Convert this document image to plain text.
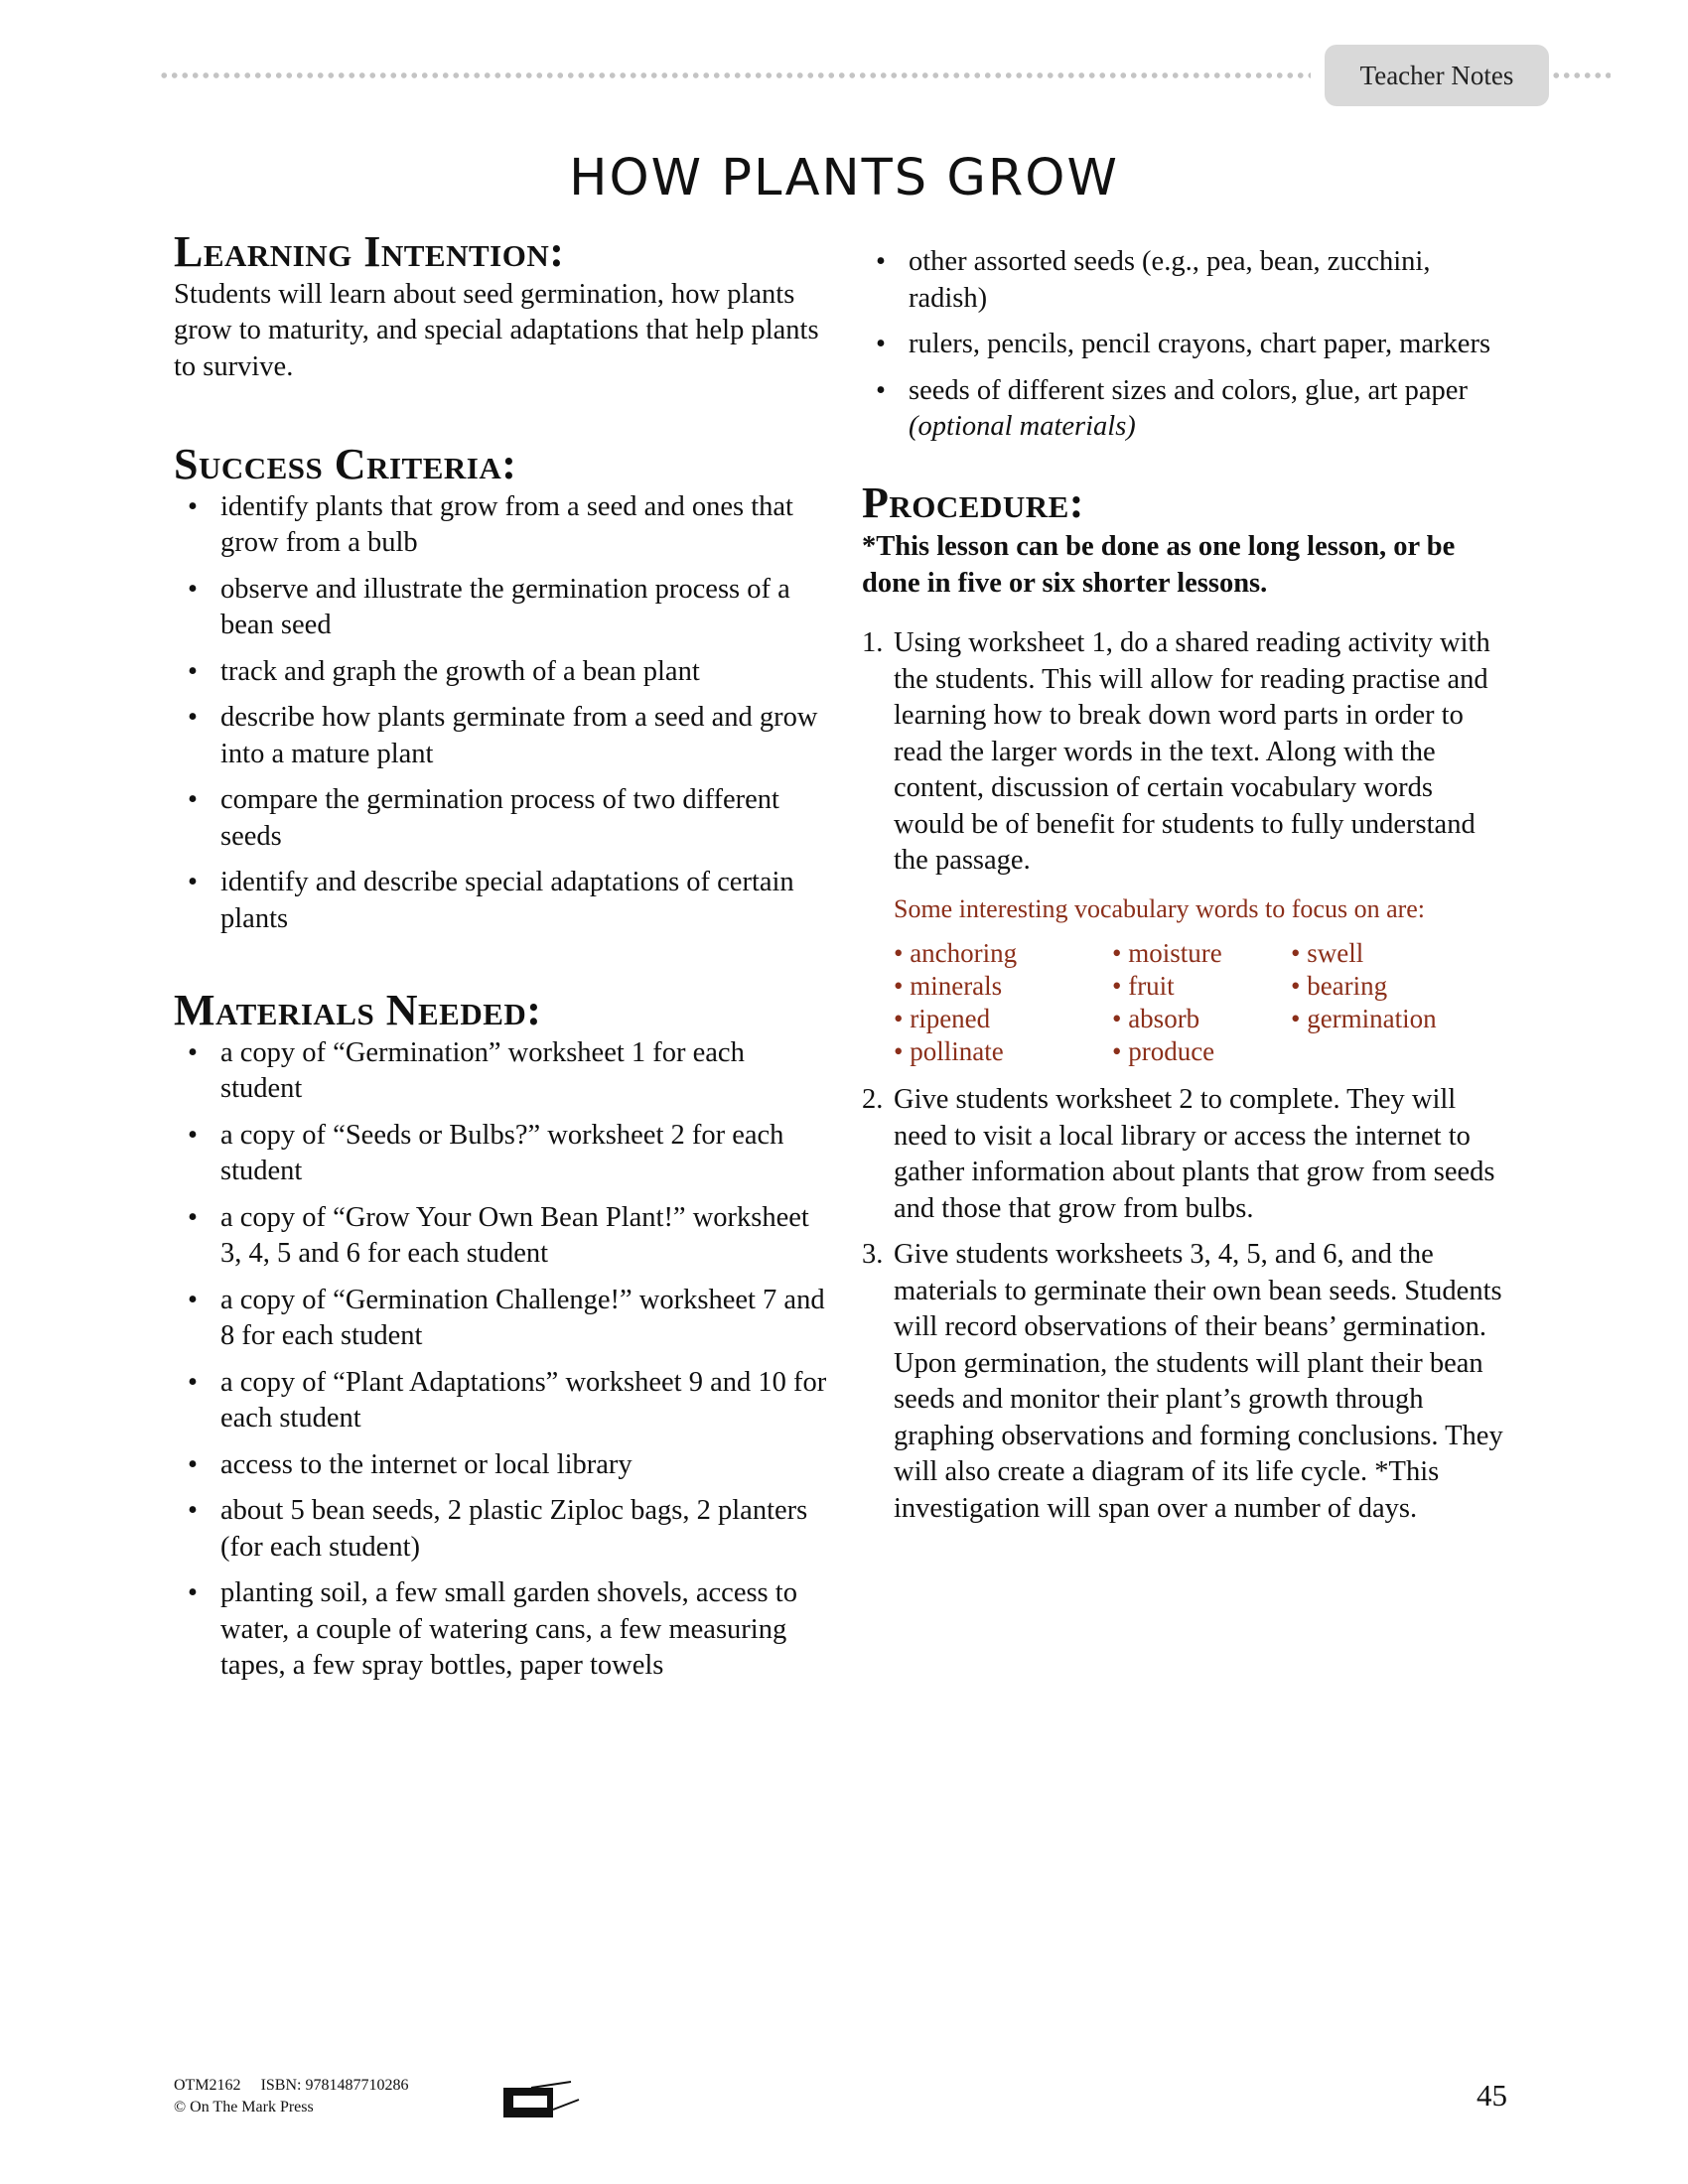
Teacher Notes
HOW PLANTS GROW
Learning Intention:

Students will learn about seed germination, how plants grow to maturity, and special adaptations that help plants to survive.

Success Criteria:
• identify plants that grow from a seed and ones that grow from a bulb
• observe and illustrate the germination process of a bean seed
• track and graph the growth of a bean plant
• describe how plants germinate from a seed and grow into a mature plant
• compare the germination process of two different seeds
• identify and describe special adaptations of certain plants
Materials Needed:
• a copy of “Germination” worksheet 1 for each student
• a copy of “Seeds or Bulbs?” worksheet 2 for each student
• a copy of “Grow Your Own Bean Plant!” worksheet 3, 4, 5 and 6 for each student
• a copy of “Germination Challenge!” worksheet 7 and 8 for each student
• a copy of “Plant Adaptations” worksheet 9 and 10 for each student
• access to the internet or local library
• about 5 bean seeds, 2 plastic Ziploc bags, 2 planters (for each student)
• planting soil, a few small garden shovels, access to water, a couple of watering cans, a few measuring tapes, a few spray bottles, paper towels
• other assorted seeds (e.g., pea, bean, zucchini, radish)
• rulers, pencils, pencil crayons, chart paper, markers
• seeds of different sizes and colors, glue, art paper (optional materials)
Procedure:

*This lesson can be done as one long lesson, or be done in five or six shorter lessons.

1. Using worksheet 1, do a shared reading activity with the students. This will allow for reading practise and learning how to break down word parts in order to read the larger words in the text. Along with the content, discussion of certain vocabulary words would be of benefit for students to fully understand the passage.
Some interesting vocabulary words to focus on are:
• anchoring	• moisture	• swell
• minerals	• fruit	• bearing
• ripened	• absorb	• germination
• pollinate	• produce
2. Give students worksheet 2 to complete. They will need to visit a local library or access the internet to gather information about plants that grow from seeds and those that grow from bulbs.
3. Give students worksheets 3, 4, 5, and 6, and the materials to germinate their own bean seeds. Students will record observations of their beans’ germination. Upon germination, the students will plant their bean seeds and monitor their plant’s growth through graphing observations and forming conclusions. They will also create a diagram of its life cycle. *This investigation will span over a number of days.
OTM2162 ISBN: 9781487710286
© On The Mark Press	45
